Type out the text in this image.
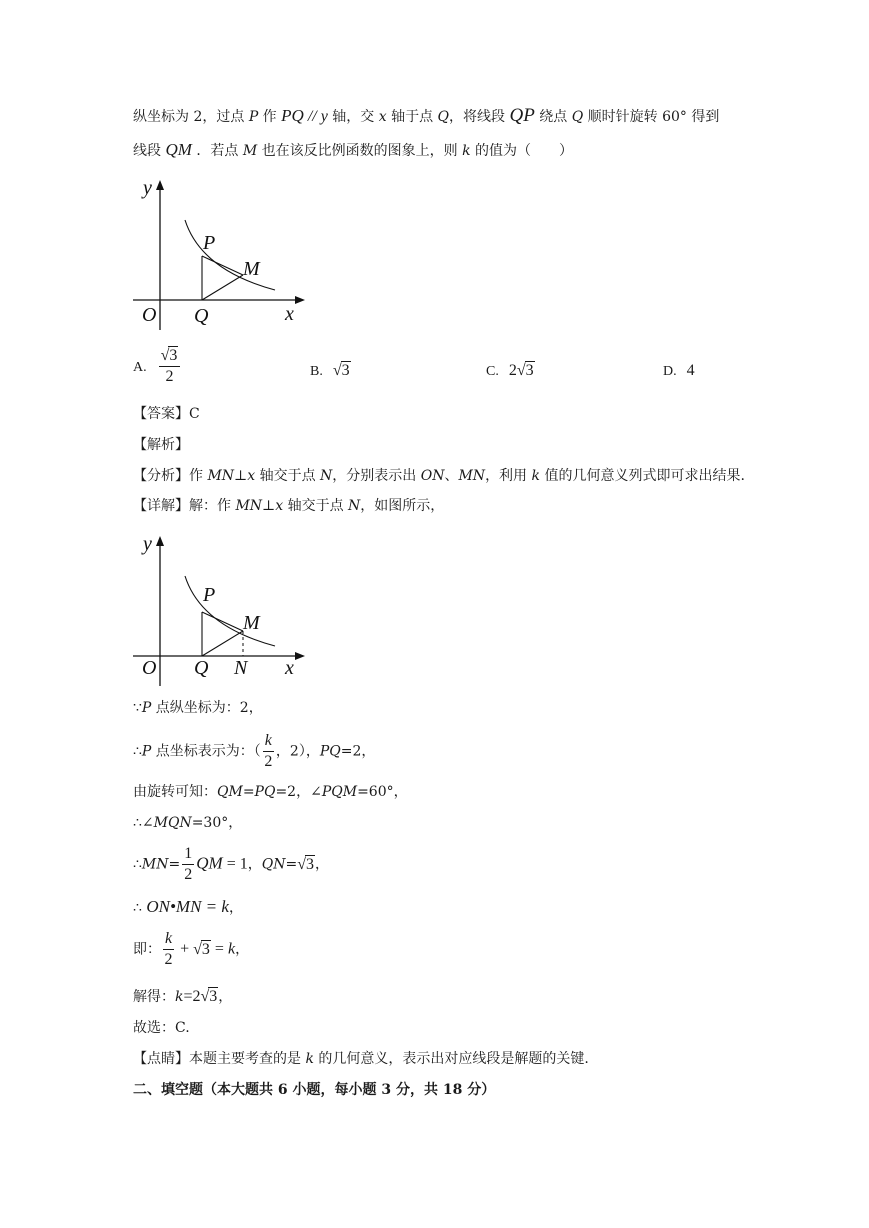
纵坐标为 2，过点 P 作 PQ // y 轴，交 x 轴于点 Q，将线段 QP 绕点 Q 顺时针旋转 60° 得到
线段 QM ．若点 M 也在该反比例函数的图象上，则 k 的值为（　　）
y
P
M
O Q	x
A. $\frac{√3}{2}$	B. √3	C. 2√3	D. 4
【答案】C
【解析】
【分析】作 MN⊥x 轴交于点 N，分别表示出 ON、MN，利用 k 值的几何意义列式即可求出结果.
【详解】解：作 MN⊥x 轴交于点 N，如图所示，
y
P
M
O Q N x
∵P 点纵坐标为：2，
∴P 点坐标表示为：（ $\frac{k}{2}$ ，2），PQ=2，
由旋转可知：QM=PQ=2，∠PQM=60°，
∴∠MQN=30°，
∴MN= $\frac{1}{2}$ QM = 1，QN=√3，
∴ ON•MN = k，
即： $\frac{k}{2} + √3 = k$，
解得：k=2√3，
故选：C.
【点睛】本题主要考查的是 k 的几何意义，表示出对应线段是解题的关键.
二、填空题（本大题共 6 小题，每小题 3 分，共 18 分）
